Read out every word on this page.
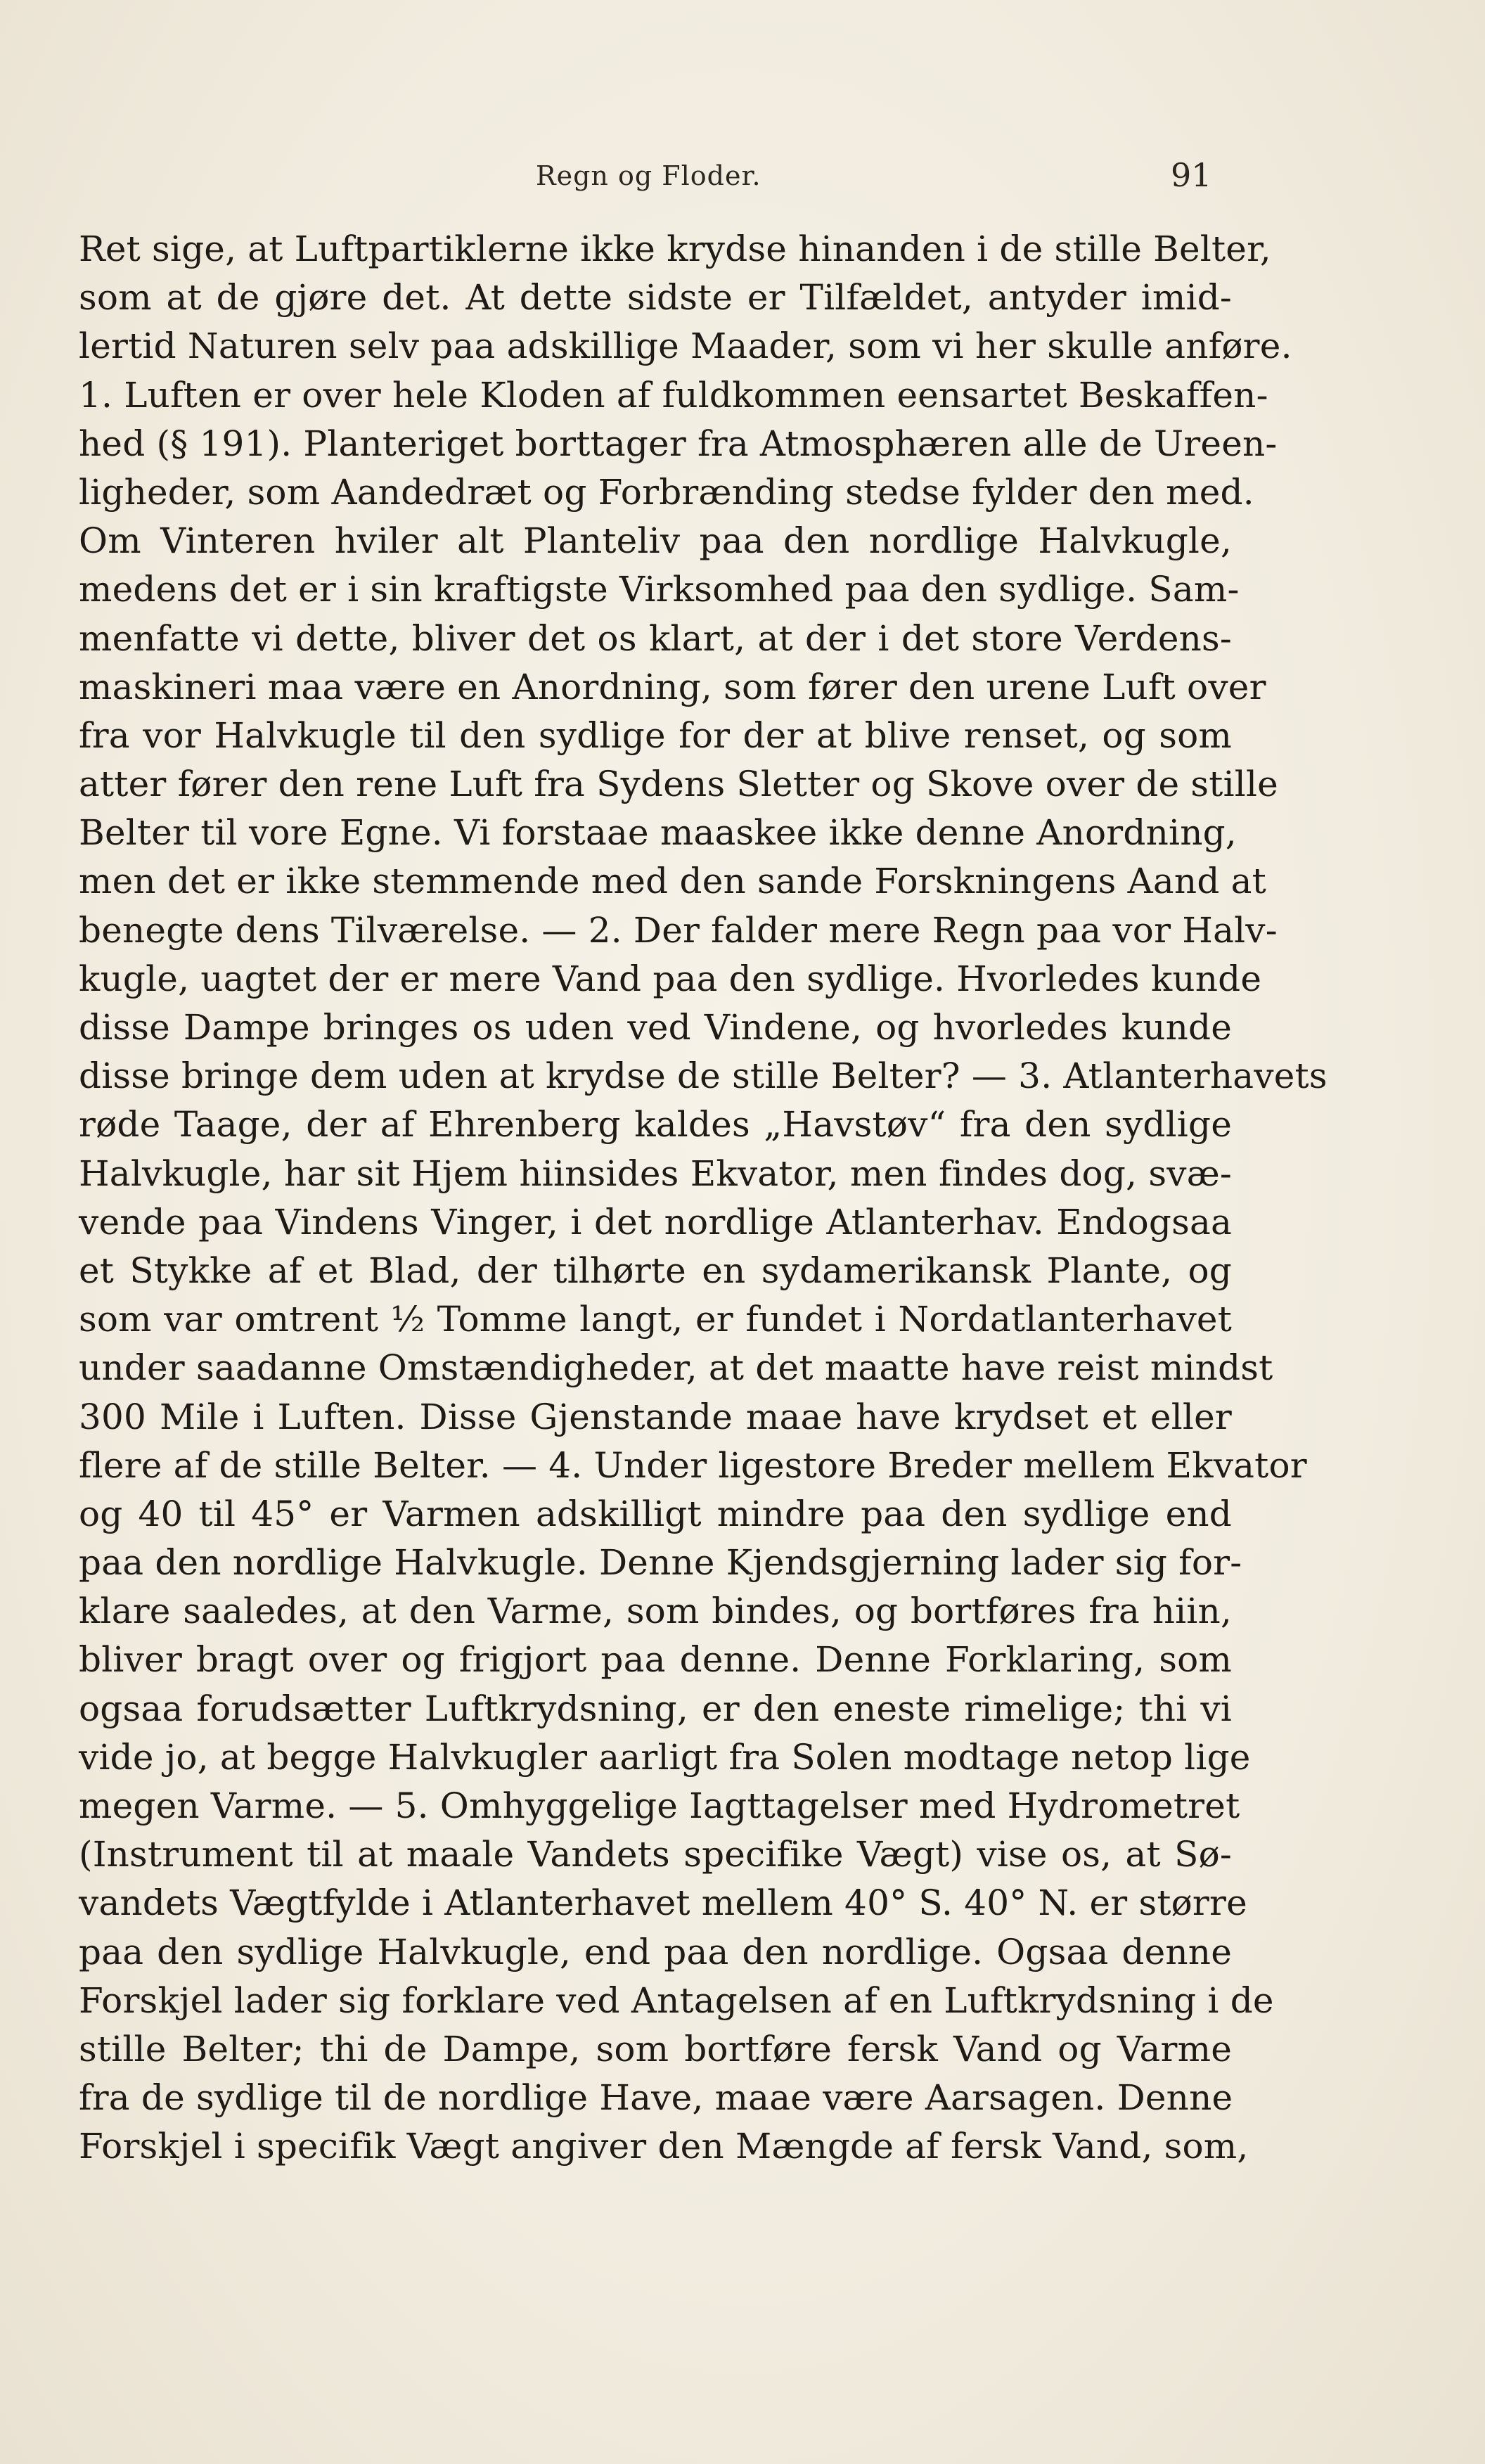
Regn og Floder.	91
Ret sige, at Luftpartiklerne ikke krydse hinanden i de stille Belter,
som at de gjøre det. At dette sidste er Tilfældet, antyder imid-
lertid Naturen selv paa adskillige Maader, som vi her skulle anføre.
1. Luften er over hele Kloden af fuldkommen eensartet Beskaffen-
hed (§ 191). Planteriget borttager fra Atmosphæren alle de Ureen-
ligheder, som Aandedræt og Forbrænding stedse fylder den med.
Om Vinteren hviler alt Planteliv paa den nordlige Halvkugle,
medens det er i sin kraftigste Virksomhed paa den sydlige. Sam-
menfatte vi dette, bliver det os klart, at der i det store Verdens-
maskineri maa være en Anordning, som fører den urene Luft over
fra vor Halvkugle til den sydlige for der at blive renset, og som
atter fører den rene Luft fra Sydens Sletter og Skove over de stille
Belter til vore Egne. Vi forstaae maaskee ikke denne Anordning,
men det er ikke stemmende med den sande Forskningens Aand at
benegte dens Tilværelse. — 2. Der falder mere Regn paa vor Halv-
kugle, uagtet der er mere Vand paa den sydlige. Hvorledes kunde
disse Dampe bringes os uden ved Vindene, og hvorledes kunde
disse bringe dem uden at krydse de stille Belter? — 3. Atlanterhavets
røde Taage, der af Ehrenberg kaldes „Havstøv“ fra den sydlige
Halvkugle, har sit Hjem hiinsides Ekvator, men findes dog, svæ-
vende paa Vindens Vinger, i det nordlige Atlanterhav. Endogsaa
et Stykke af et Blad, der tilhørte en sydamerikansk Plante, og
som var omtrent ½ Tomme langt, er fundet i Nordatlanterhavet
under saadanne Omstændigheder, at det maatte have reist mindst
300 Mile i Luften. Disse Gjenstande maae have krydset et eller
flere af de stille Belter. — 4. Under ligestore Breder mellem Ekvator
og 40 til 45° er Varmen adskilligt mindre paa den sydlige end
paa den nordlige Halvkugle. Denne Kjendsgjerning lader sig for-
klare saaledes, at den Varme, som bindes, og bortføres fra hiin,
bliver bragt over og frigjort paa denne. Denne Forklaring, som
ogsaa forudsætter Luftkrydsning, er den eneste rimelige; thi vi
vide jo, at begge Halvkugler aarligt fra Solen modtage netop lige
megen Varme. — 5. Omhyggelige Iagttagelser med Hydrometret
(Instrument til at maale Vandets specifike Vægt) vise os, at Sø-
vandets Vægtfylde i Atlanterhavet mellem 40° S. 40° N. er større
paa den sydlige Halvkugle, end paa den nordlige. Ogsaa denne
Forskjel lader sig forklare ved Antagelsen af en Luftkrydsning i de
stille Belter; thi de Dampe, som bortføre fersk Vand og Varme
fra de sydlige til de nordlige Have, maae være Aarsagen. Denne
Forskjel i specifik Vægt angiver den Mængde af fersk Vand, som,
